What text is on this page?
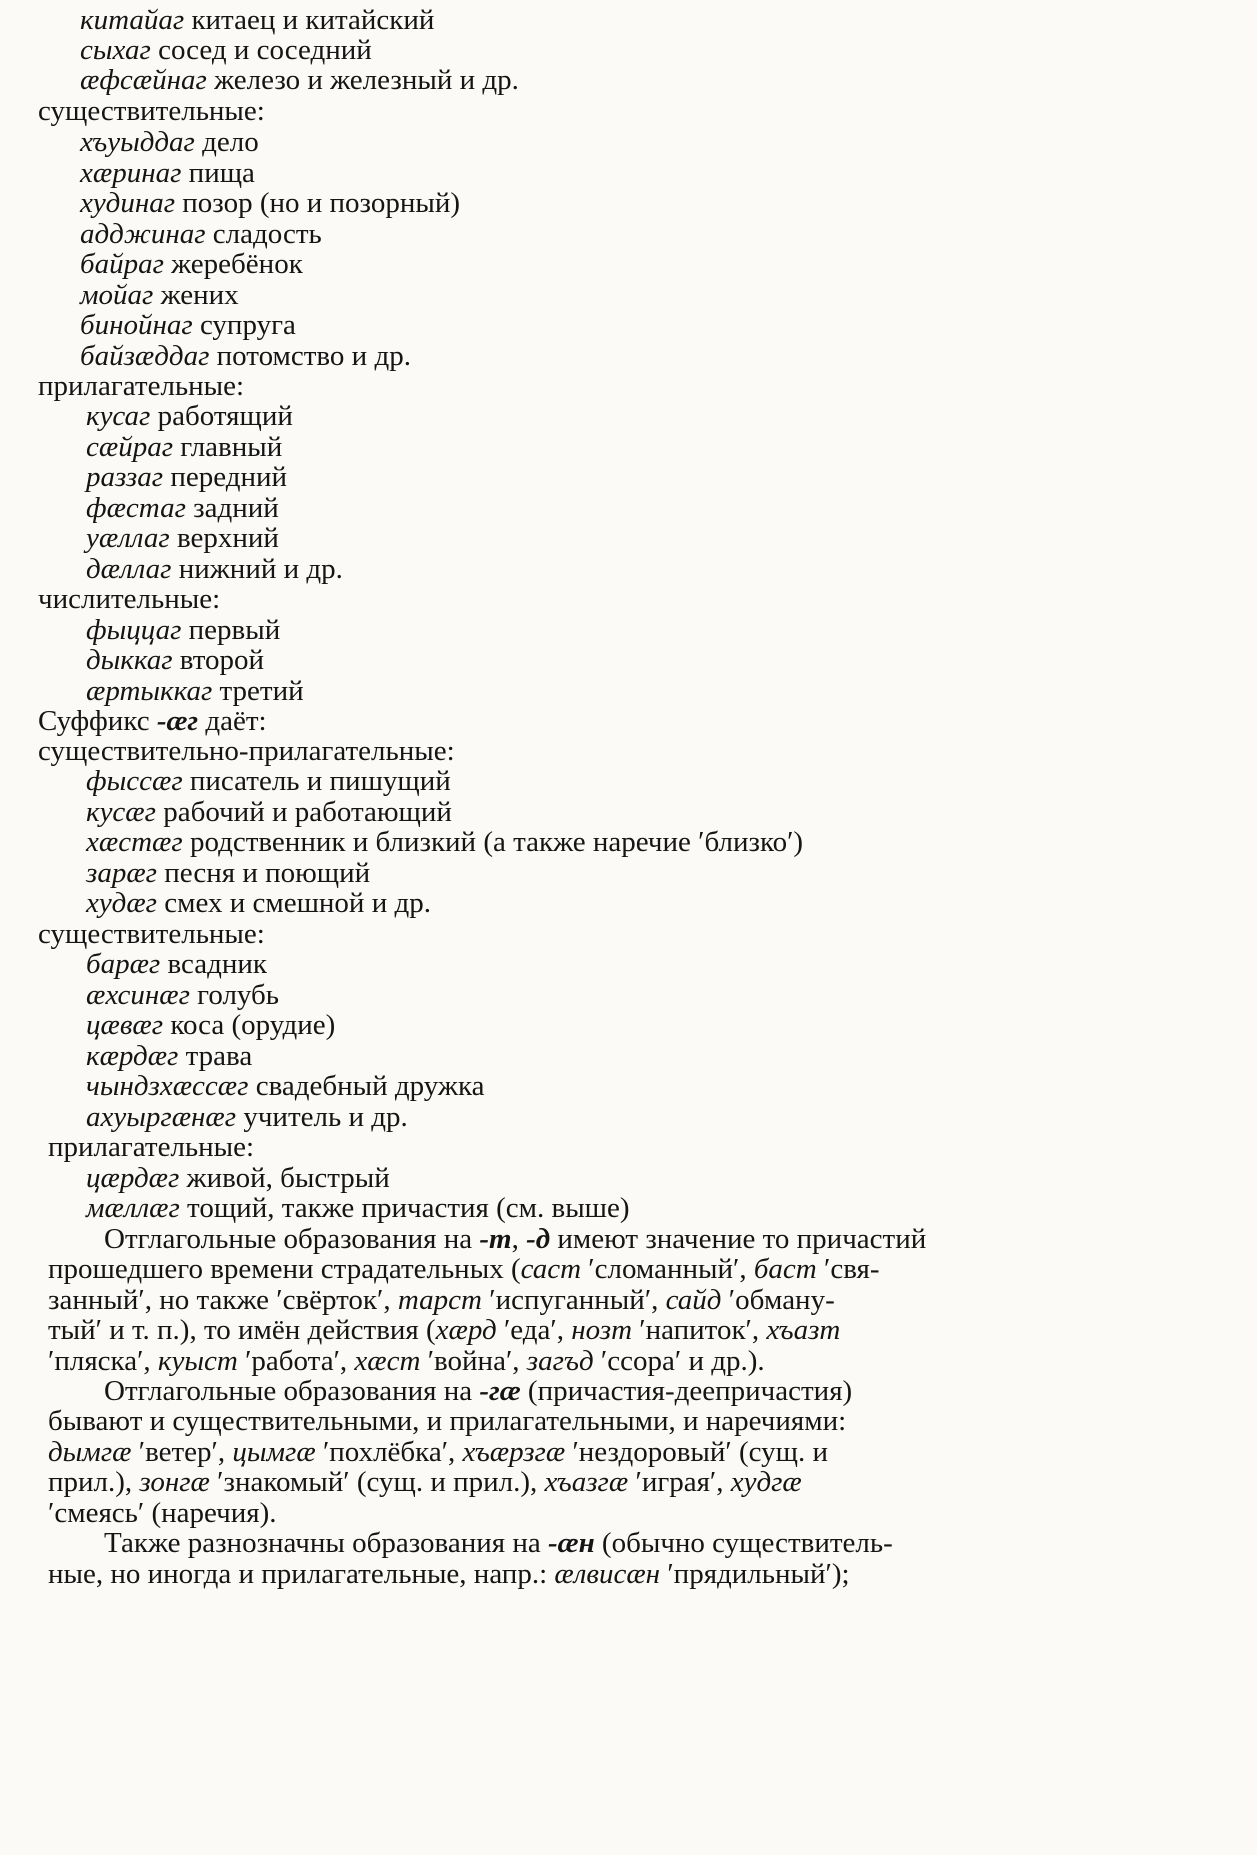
китайаг китаец и китайский
сыхаг сосед и соседний
æфсæйнаг железо и железный и др.
существительные:
хъуыддаг дело
хæринаг пища
худинаг позор (но и позорный)
адджинаг сладость
байраг жеребёнок
мойаг жених
бинойнаг супруга
байзæддаг потомство и др.
прилагательные:
кусаг работящий
сæйраг главный
раззаг передний
фæстаг задний
уæллаг верхний
дæллаг нижний и др.
числительные:
фыццаг первый
дыккаг второй
æртыккаг третий
Суффикс -æг даёт:
существительно-прилагательные:
фыссæг писатель и пишущий
кусæг рабочий и работающий
хæстæг родственник и близкий (а также наречие ′близко′)
зарæг песня и поющий
худæг смех и смешной и др.
существительные:
барæг всадник
æхсинæг голубь
цæвæг коса (орудие)
кæрдæг трава
чындзхæссæг свадебный дружка
ахуыргæнæг учитель и др.
прилагательные:
цæрдæг живой, быстрый
мæллæг тощий, также причастия (см. выше)
Отглагольные образования на -т, -д имеют значение то причастий
прошедшего времени страдательных (саст ′сломанный′, баст ′свя-
занный′, но также ′свёрток′, тарст ′испуганный′, сайд ′обману-
тый′ и т. п.), то имён действия (хæрд ′еда′, нозт ′напиток′, хъазт
′пляска′, куыст ′работа′, хæст ′война′, загъд ′ссора′ и др.).
Отглагольные образования на -гæ (причастия-деепричастия)
бывают и существительными, и прилагательными, и наречиями:
дымгæ ′ветер′, цымгæ ′похлёбка′, хъæрзгæ ′нездоровый′ (сущ. и
прил.), зонгæ ′знакомый′ (сущ. и прил.), хъазгæ ′играя′, худгæ
′смеясь′ (наречия).
Также разнозначны образования на -æн (обычно существитель-
ные, но иногда и прилагательные, напр.: æлвисæн ′прядильный′);
